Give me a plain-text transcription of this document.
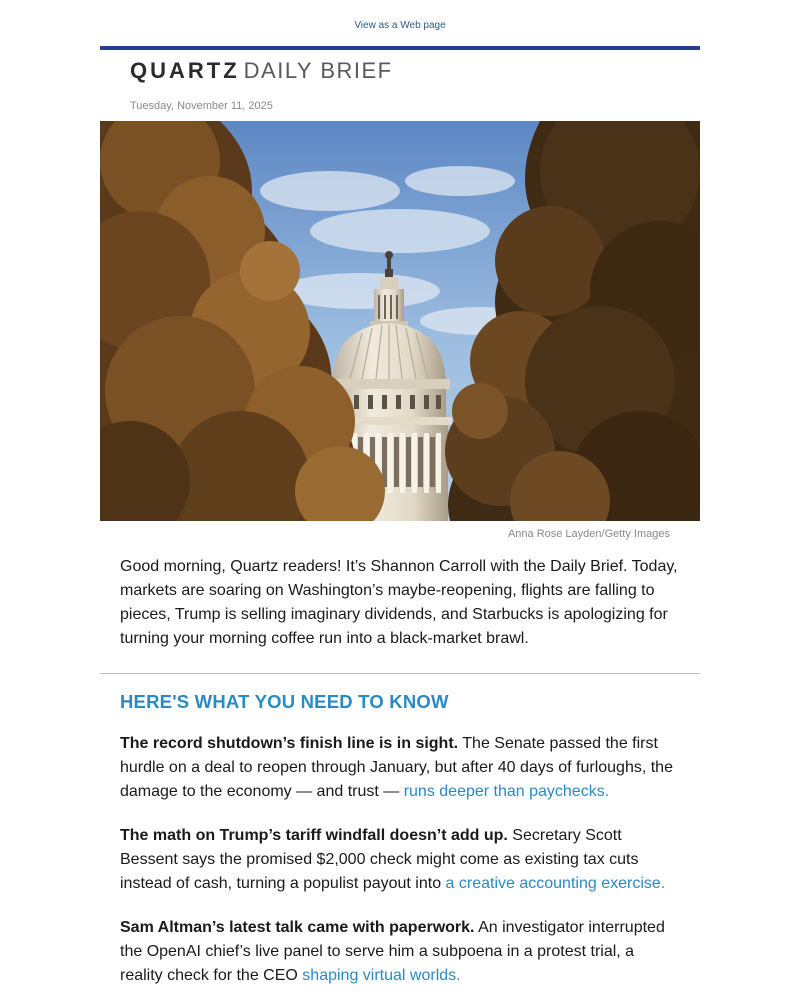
View as a Web page
QUARTZ DAILY BRIEF
Tuesday, November 11, 2025
Anna Rose Layden/Getty Images

Good morning, Quartz readers! It’s Shannon Carroll with the Daily Brief. Today, markets are soaring on Washington’s maybe-reopening, flights are falling to pieces, Trump is selling imaginary dividends, and Starbucks is apologizing for turning your morning coffee run into a black-market brawl.

HERE'S WHAT YOU NEED TO KNOW

The record shutdown’s finish line is in sight. The Senate passed the first hurdle on a deal to reopen through January, but after 40 days of furloughs, the damage to the economy — and trust — runs deeper than paychecks.

The math on Trump’s tariff windfall doesn’t add up. Secretary Scott Bessent says the promised $2,000 check might come as existing tax cuts instead of cash, turning a populist payout into a creative accounting exercise.

Sam Altman’s latest talk came with paperwork. An investigator interrupted the OpenAI chief’s live panel to serve him a subpoena in a protest trial, a reality check for the CEO shaping virtual worlds.
